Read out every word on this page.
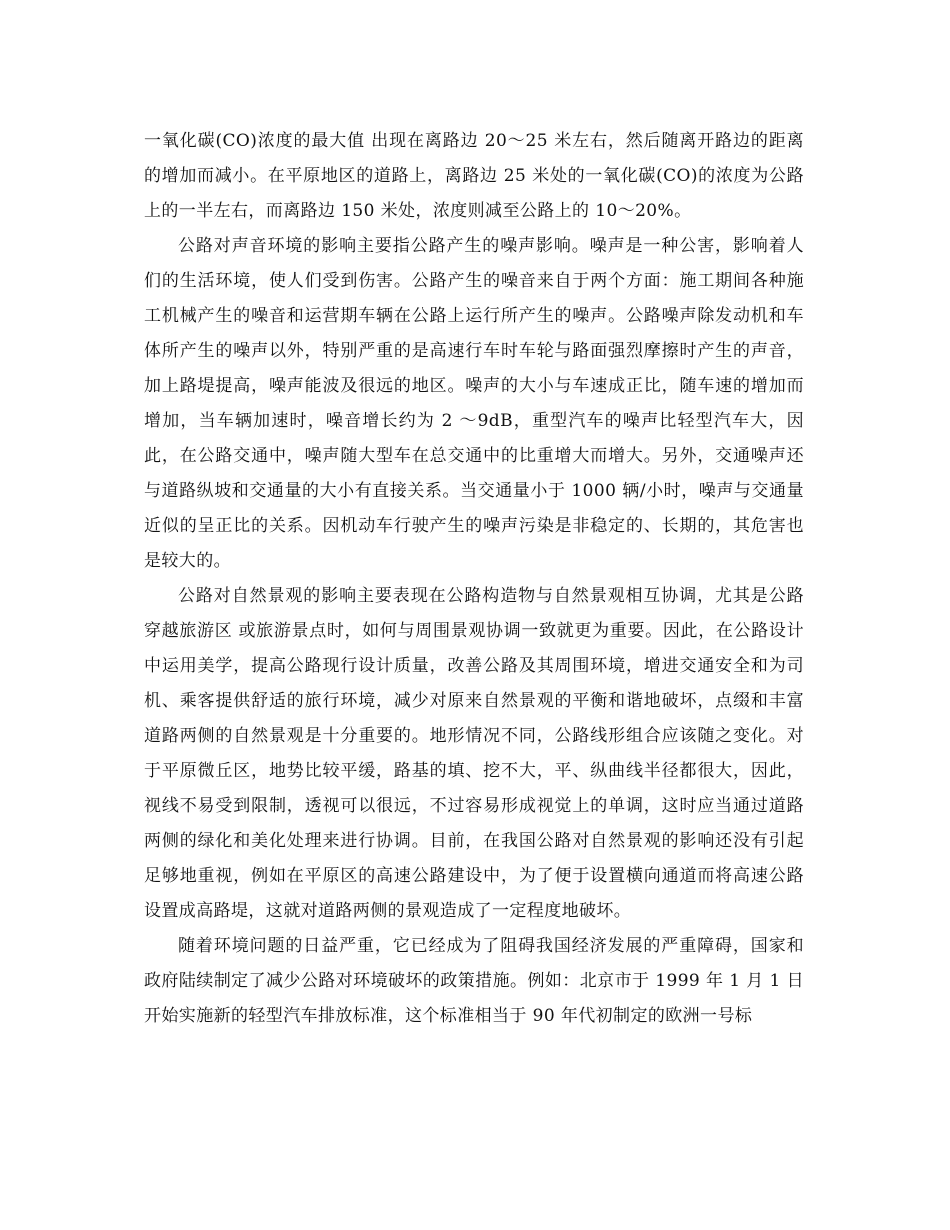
一氧化碳(CO)浓度的最大值 出现在离路边 20～25 米左右，然后随离开路边的距离的增加而减小。在平原地区的道路上，离路边 25 米处的一氧化碳(CO)的浓度为公路上的一半左右，而离路边 150 米处，浓度则减至公路上的 10～20%。

公路对声音环境的影响主要指公路产生的噪声影响。噪声是一种公害，影响着人们的生活环境，使人们受到伤害。公路产生的噪音来自于两个方面：施工期间各种施工机械产生的噪音和运营期车辆在公路上运行所产生的噪声。公路噪声除发动机和车体所产生的噪声以外，特别严重的是高速行车时车轮与路面强烈摩擦时产生的声音，加上路堤提高，噪声能波及很远的地区。噪声的大小与车速成正比，随车速的增加而增加，当车辆加速时，噪音增长约为 2 ～9dB，重型汽车的噪声比轻型汽车大，因此，在公路交通中，噪声随大型车在总交通中的比重增大而增大。另外，交通噪声还与道路纵坡和交通量的大小有直接关系。当交通量小于 1000 辆/小时，噪声与交通量近似的呈正比的关系。因机动车行驶产生的噪声污染是非稳定的、长期的，其危害也是较大的。

公路对自然景观的影响主要表现在公路构造物与自然景观相互协调，尤其是公路穿越旅游区 或旅游景点时，如何与周围景观协调一致就更为重要。因此，在公路设计中运用美学，提高公路现行设计质量，改善公路及其周围环境，增进交通安全和为司机、乘客提供舒适的旅行环境，减少对原来自然景观的平衡和谐地破坏，点缀和丰富道路两侧的自然景观是十分重要的。地形情况不同，公路线形组合应该随之变化。对于平原微丘区，地势比较平缓，路基的填、挖不大，平、纵曲线半径都很大，因此，视线不易受到限制，透视可以很远，不过容易形成视觉上的单调，这时应当通过道路两侧的绿化和美化处理来进行协调。目前，在我国公路对自然景观的影响还没有引起足够地重视，例如在平原区的高速公路建设中，为了便于设置横向通道而将高速公路设置成高路堤，这就对道路两侧的景观造成了一定程度地破坏。

随着环境问题的日益严重，它已经成为了阻碍我国经济发展的严重障碍，国家和政府陆续制定了减少公路对环境破坏的政策措施。例如：北京市于 1999 年 1 月 1 日开始实施新的轻型汽车排放标准，这个标准相当于 90 年代初制定的欧洲一号标
